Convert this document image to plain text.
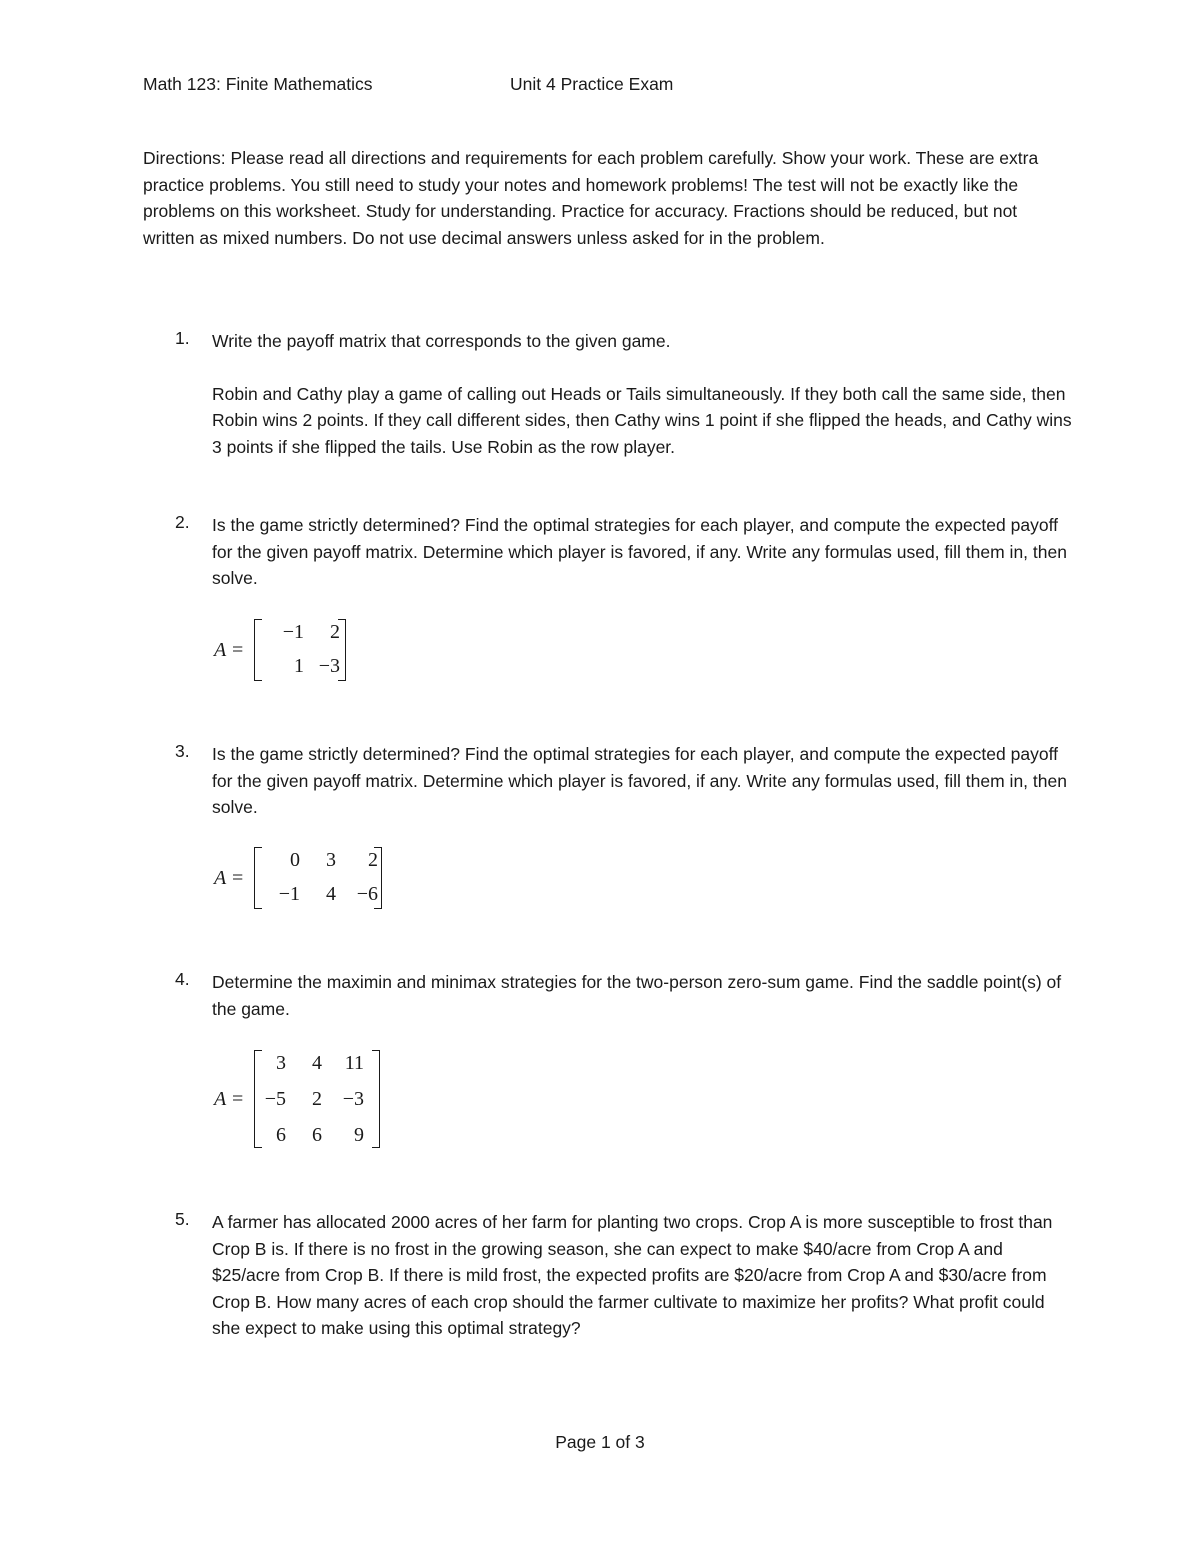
Math 123: Finite Mathematics	Unit 4 Practice Exam
Directions: Please read all directions and requirements for each problem carefully. Show your work. These are extra practice problems. You still need to study your notes and homework problems! The test will not be exactly like the problems on this worksheet. Study for understanding. Practice for accuracy. Fractions should be reduced, but not written as mixed numbers. Do not use decimal answers unless asked for in the problem.
1. Write the payoff matrix that corresponds to the given game.

Robin and Cathy play a game of calling out Heads or Tails simultaneously. If they both call the same side, then Robin wins 2 points. If they call different sides, then Cathy wins 1 point if she flipped the heads, and Cathy wins 3 points if she flipped the tails. Use Robin as the row player.

2. Is the game strictly determined? Find the optimal strategies for each player, and compute the expected payoff for the given payoff matrix. Determine which player is favored, if any. Write any formulas used, fill them in, then solve.

A =
−1	2
1 −3
3. Is the game strictly determined? Find the optimal strategies for each player, and compute the expected payoff for the given payoff matrix. Determine which player is favored, if any. Write any formulas used, fill them in, then solve.

A =
0	3	2
−1	4	−6
4. Determine the maximin and minimax strategies for the two-person zero-sum game. Find the saddle point(s) of the game.

A =
3	4	11
−5	2	−3
6	6	9
5. A farmer has allocated 2000 acres of her farm for planting two crops. Crop A is more susceptible to frost than Crop B is. If there is no frost in the growing season, she can expect to make $40/acre from Crop A and $25/acre from Crop B. If there is mild frost, the expected profits are $20/acre from Crop A and $30/acre from Crop B. How many acres of each crop should the farmer cultivate to maximize her profits? What profit could she expect to make using this optimal strategy?

Page 1 of 3
